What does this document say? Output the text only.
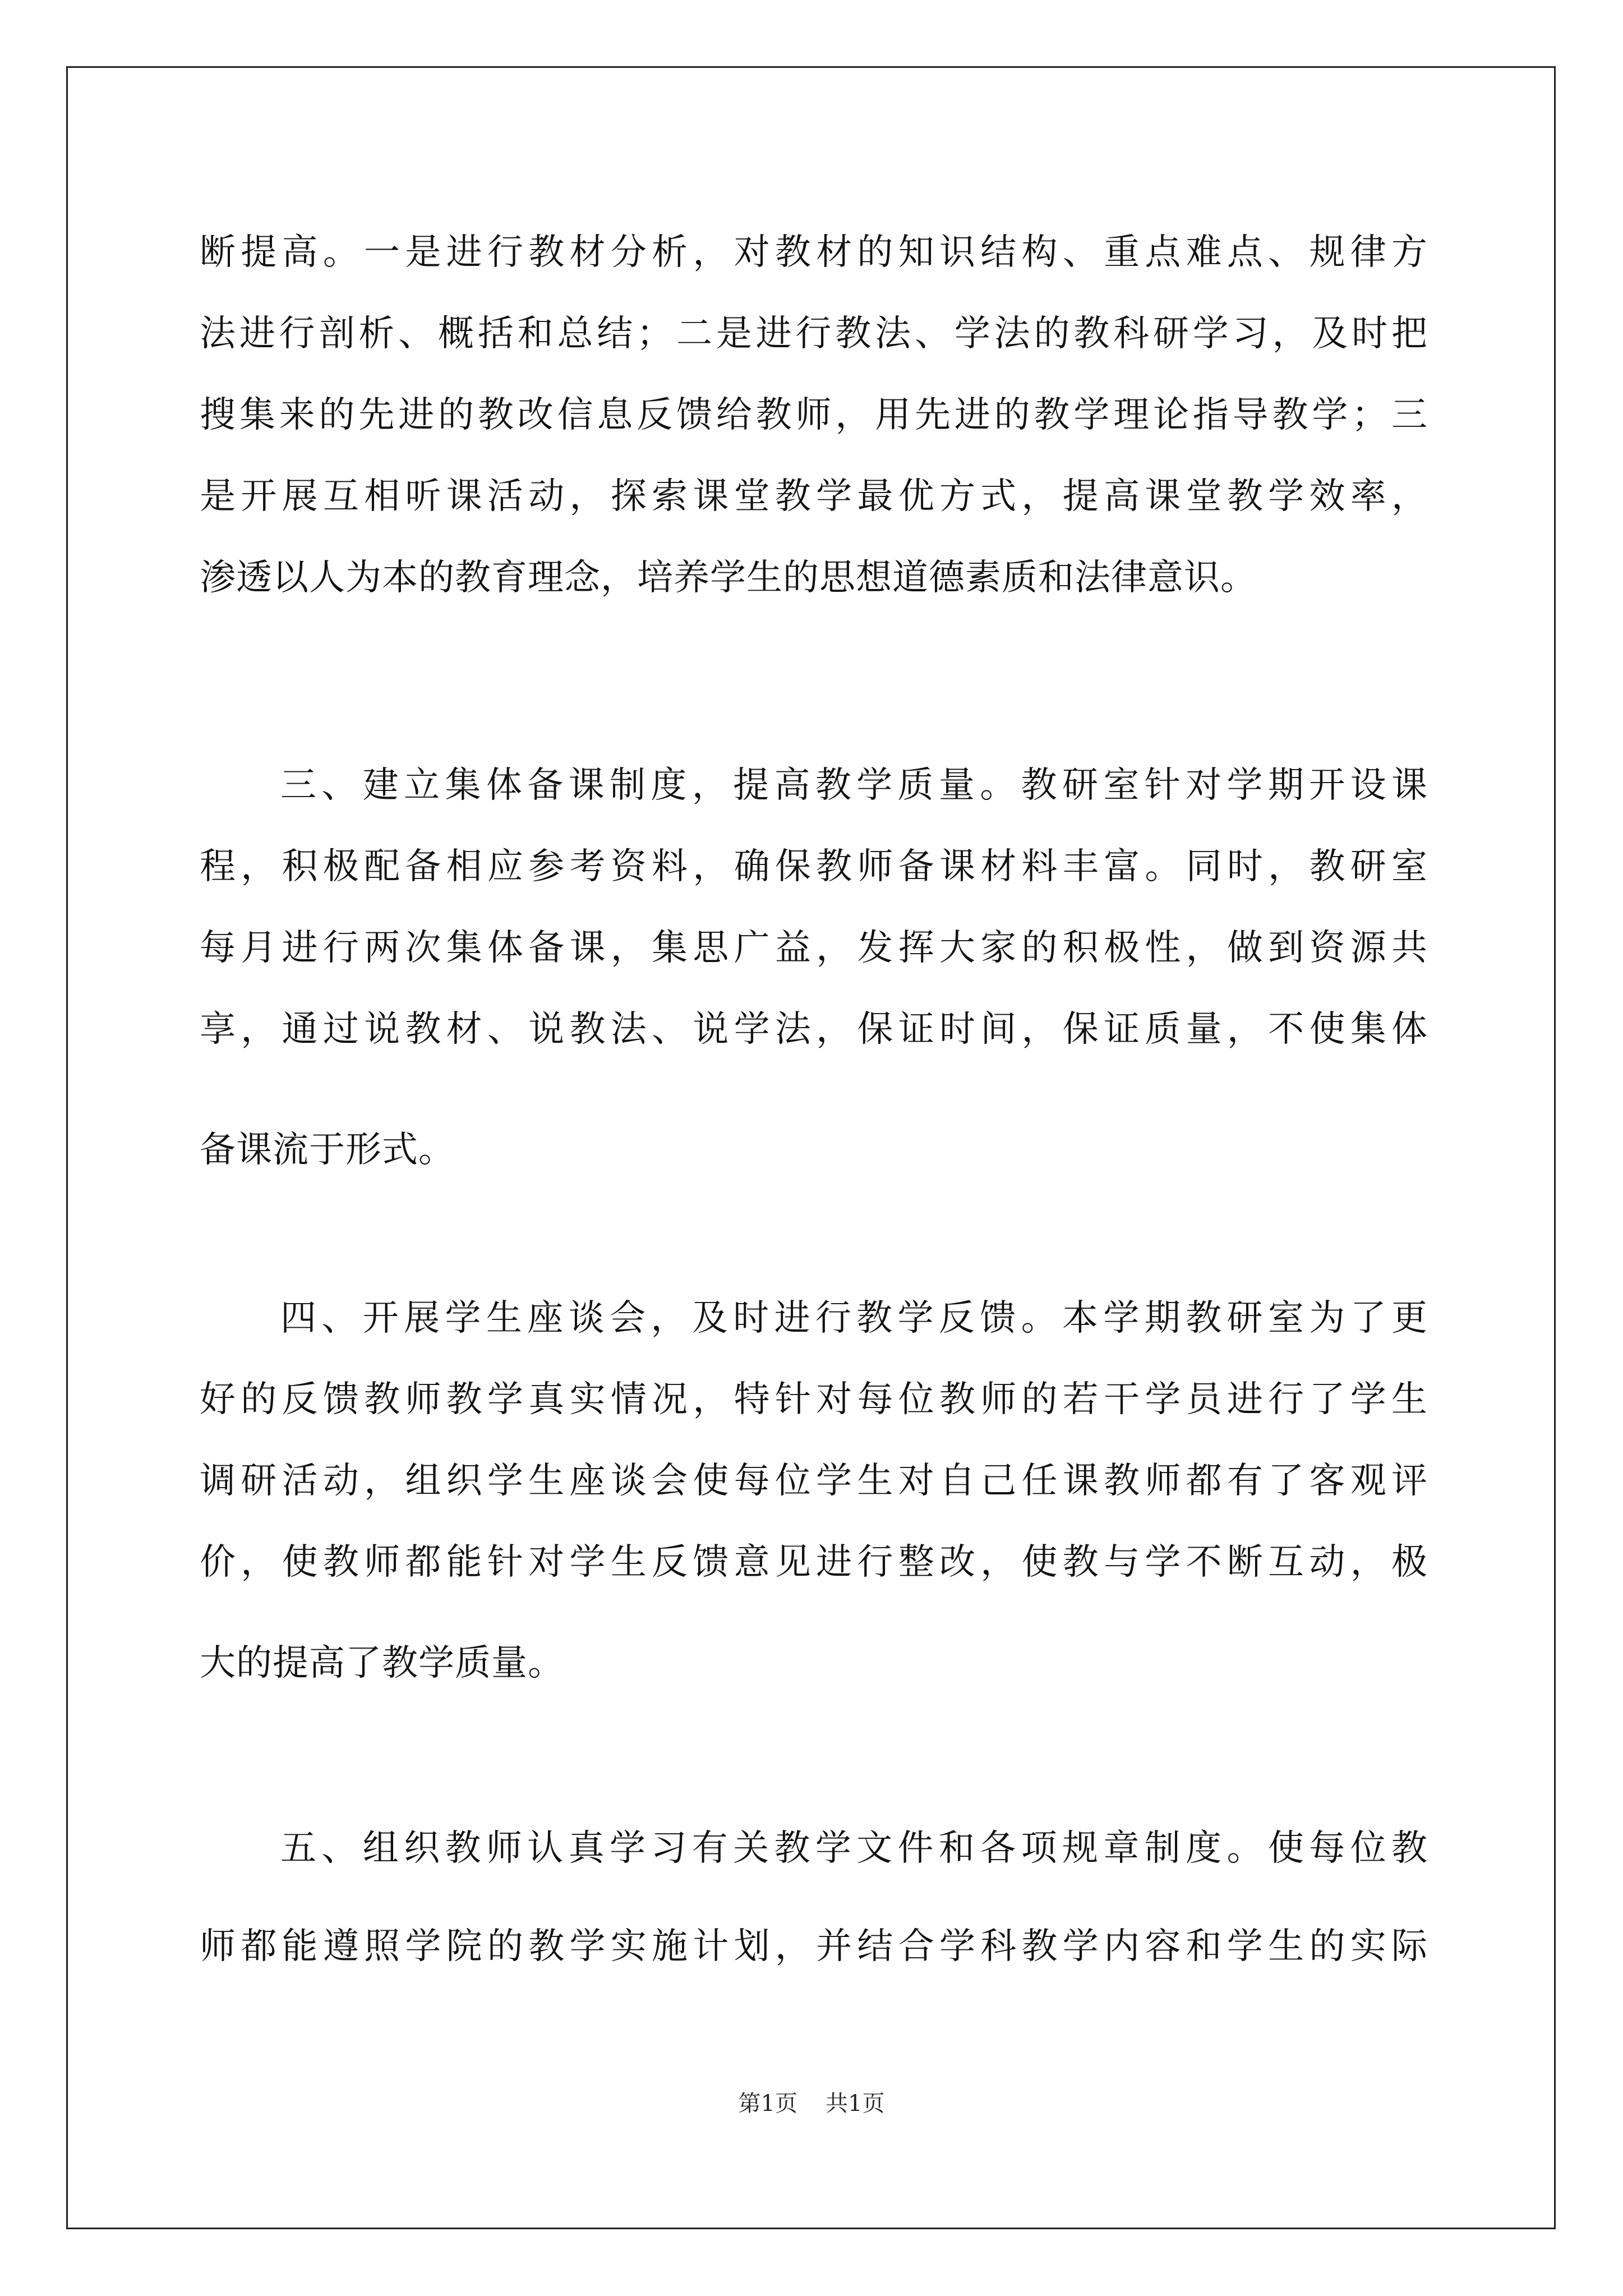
断提高。一是进行教材分析，对教材的知识结构、重点难点、规律方

法进行剖析、概括和总结；二是进行教法、学法的教科研学习，及时把

搜集来的先进的教改信息反馈给教师，用先进的教学理论指导教学；三

是开展互相听课活动，探索课堂教学最优方式，提高课堂教学效率，

渗透以人为本的教育理念，培养学生的思想道德素质和法律意识。

三、建立集体备课制度，提高教学质量。教研室针对学期开设课

程，积极配备相应参考资料，确保教师备课材料丰富。同时，教研室

每月进行两次集体备课，集思广益，发挥大家的积极性，做到资源共

享，通过说教材、说教法、说学法，保证时间，保证质量，不使集体

备课流于形式。

四、开展学生座谈会，及时进行教学反馈。本学期教研室为了更

好的反馈教师教学真实情况，特针对每位教师的若干学员进行了学生

调研活动，组织学生座谈会使每位学生对自己任课教师都有了客观评

价，使教师都能针对学生反馈意见进行整改，使教与学不断互动，极

大的提高了教学质量。

五、组织教师认真学习有关教学文件和各项规章制度。使每位教

师都能遵照学院的教学实施计划，并结合学科教学内容和学生的实际

第1页 共1页
